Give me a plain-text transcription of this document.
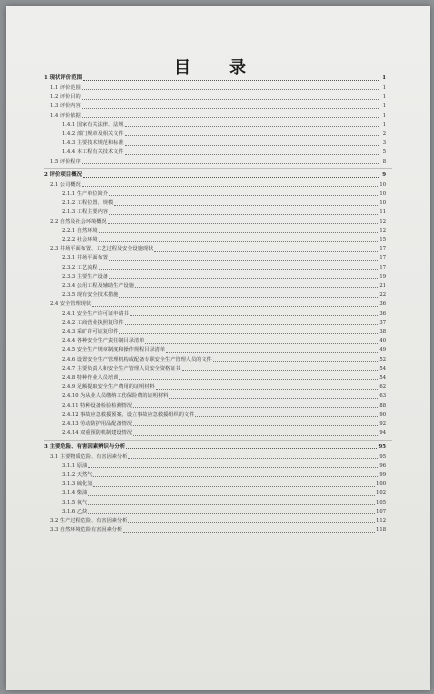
目 录
1 现状评价范围	1
1.1 评价范围	1
1.2 评价目的	1
1.3 评价内容	1
1.4 评价依据	1
1.4.1 国家有关法律、法规	1
1.4.2 部门规章及相关文件	2
1.4.3 主要技术规范和标准	3
1.4.4 本工程有关技术文件	5
1.5 评价程序	8
2 评价项目概况	9
2.1 公司概况	10
2.1.1 生产单位简介	10
2.1.2 工程位置、规模	10
2.1.3 工程主要内容	11
2.2 自然及社会环境概况	12
2.2.1 自然环境	12
2.2.2 社会环境	15
2.3 井场平面布置、工艺过程及安全设施现状	17
2.3.1 井场平面布置	17
2.3.2 工艺流程	17
2.3.3 主要生产设备	19
2.3.4 公用工程及辅助生产设施	21
2.3.5 现有安全技术措施	22
2.4 安全管理现状	36
2.4.1 安全生产许可证申请书	36
2.4.2 工商营业执照复印件	37
2.4.3 采矿许可证复印件	38
2.4.4 各种安全生产责任制目录清单	40
2.4.5 安全生产规章制度和操作规程目录清单	49
2.4.6 设置安全生产管理机构或配备专职安全生产管理人员的文件	52
2.4.7 主要负责人和安全生产管理人员安全资格证书	54
2.4.8 特种作业人员培训	54
2.4.9 足额提取安全生产费用的证明材料	62
2.4.10 为从业人员缴纳工伤保险费的证明材料	63
2.4.11 特种设备检验检测情况	88
2.4.12 事故应急救援预案、设立事故应急救援组织的文件	90
2.4.13 劳动防护用品配备情况	92
2.4.14 双重预防机制建设情况	94
3 主要危险、有害因素辨识与分析	95
3.1 主要物质危险、有害因素分析	95
3.1.1 原油	96
3.1.2 天然气	99
3.1.3 硫化氢	100
3.1.4 柴油	102
3.1.5 氧气	105
3.1.6 乙炔	107
3.2 生产过程危险、有害因素分析	112
3.3 自然环境危险有害因素分析	118
